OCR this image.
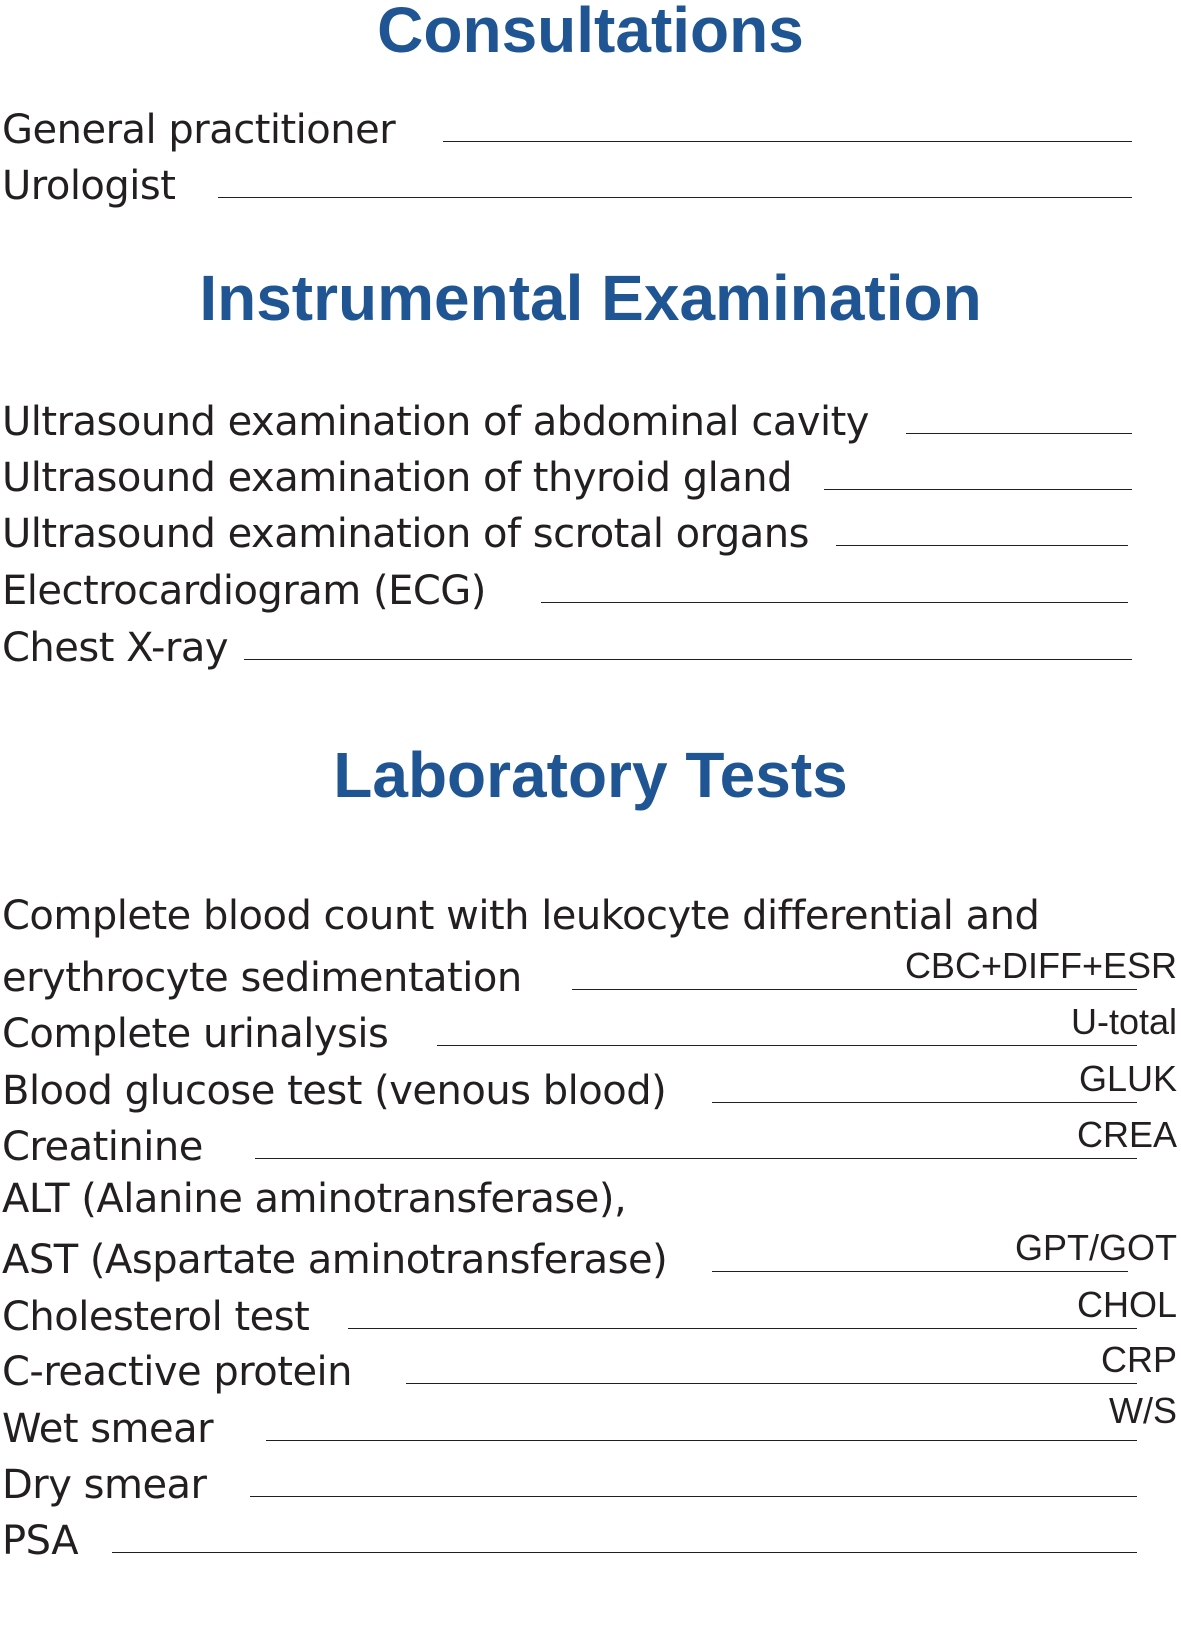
Consultations
General practitioner
Urologist
Instrumental Examination
Ultrasound examination of abdominal cavity
Ultrasound examination of thyroid gland
Ultrasound examination of scrotal organs
Electrocardiogram (ECG)
Chest X-ray
Laboratory Tests
Complete blood count with leukocyte differential and
erythrocyte sedimentation	CBC+DIFF+ESR
Complete urinalysis	U-total
Blood glucose test (venous blood)	GLUK
Creatinine	CREA
ALT (Alanine aminotransferase),
AST (Aspartate aminotransferase)	GPT/GOT
Cholesterol test	CHOL
C-reactive protein	CRP
Wet smear	W/S
Dry smear
PSA
